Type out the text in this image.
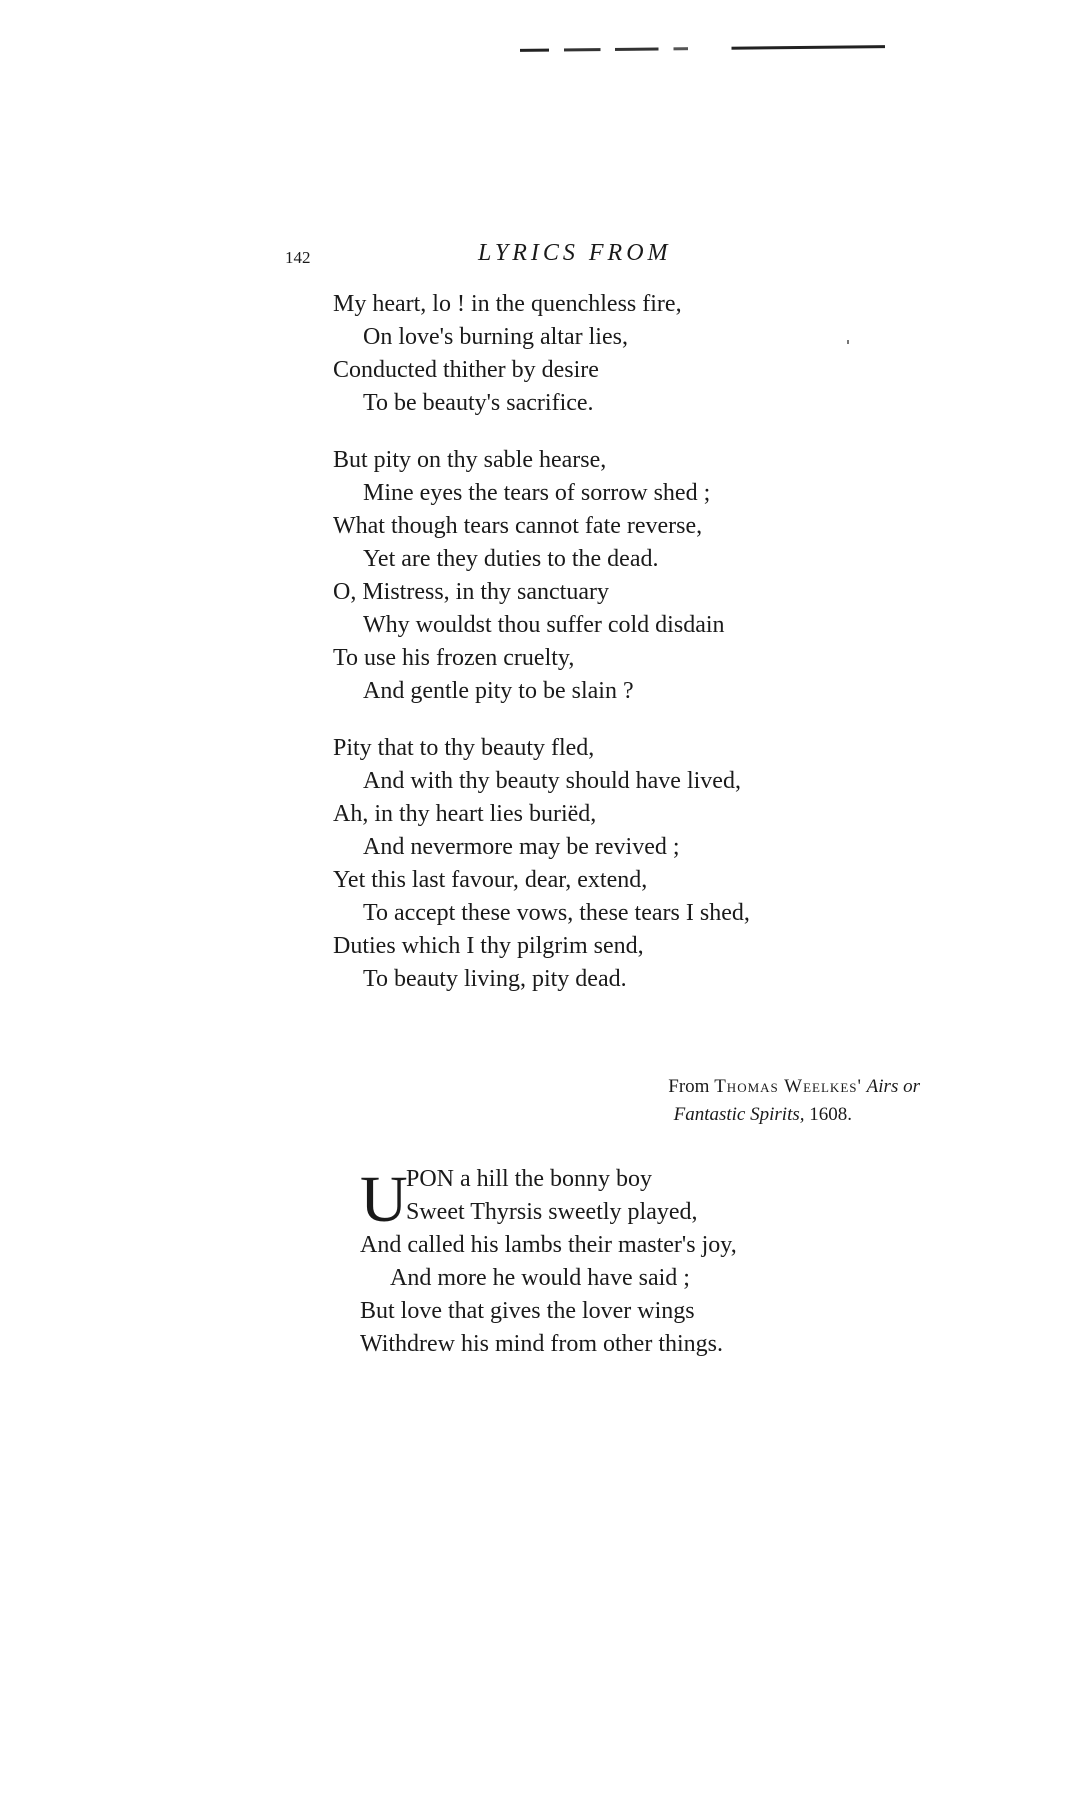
142	LYRICS FROM
My heart, lo ! in the quenchless fire,
On love's burning altar lies,
Conducted thither by desire
To be beauty's sacrifice.
But pity on thy sable hearse,
Mine eyes the tears of sorrow shed ;
What though tears cannot fate reverse,
Yet are they duties to the dead.
O, Mistress, in thy sanctuary
Why wouldst thou suffer cold disdain
To use his frozen cruelty,
And gentle pity to be slain ?
Pity that to thy beauty fled,
And with thy beauty should have lived,
Ah, in thy heart lies buriëd,
And nevermore may be revived ;
Yet this last favour, dear, extend,
To accept these vows, these tears I shed,
Duties which I thy pilgrim send,
To beauty living, pity dead.
From Thomas Weelkes' Airs or
Fantastic Spirits, 1608.
U
PON a hill the bonny boy
Sweet Thyrsis sweetly played,
And called his lambs their master's joy,
And more he would have said ;
But love that gives the lover wings
Withdrew his mind from other things.
